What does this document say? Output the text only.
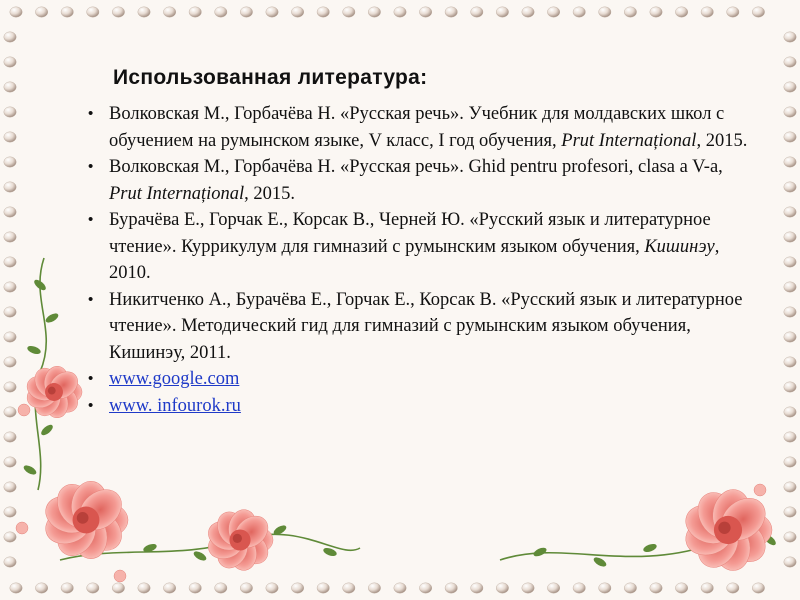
Использованная литература:
• Волковская М., Горбачёва Н. «Русская речь». Учебник для молдавских школ с обучением на румынском языке, V класс, I год обучения, Prut Internațional, 2015.
• Волковская М., Горбачёва Н. «Русская речь». Ghid pentru profesori, clasa a V-a, Prut Internațional, 2015.
• Бурачёва Е., Горчак Е., Корсак В., Черней Ю. «Русский язык и литературное чтение». Куррикулум для гимназий с румынским языком обучения, Кишинэу, 2010.
• Никитченко А., Бурачёва Е., Горчак Е., Корсак В. «Русский язык и литературное чтение». Методический гид для гимназий с румынским языком обучения, Кишинэу, 2011.
• www.google.com
• www. infourok.ru
